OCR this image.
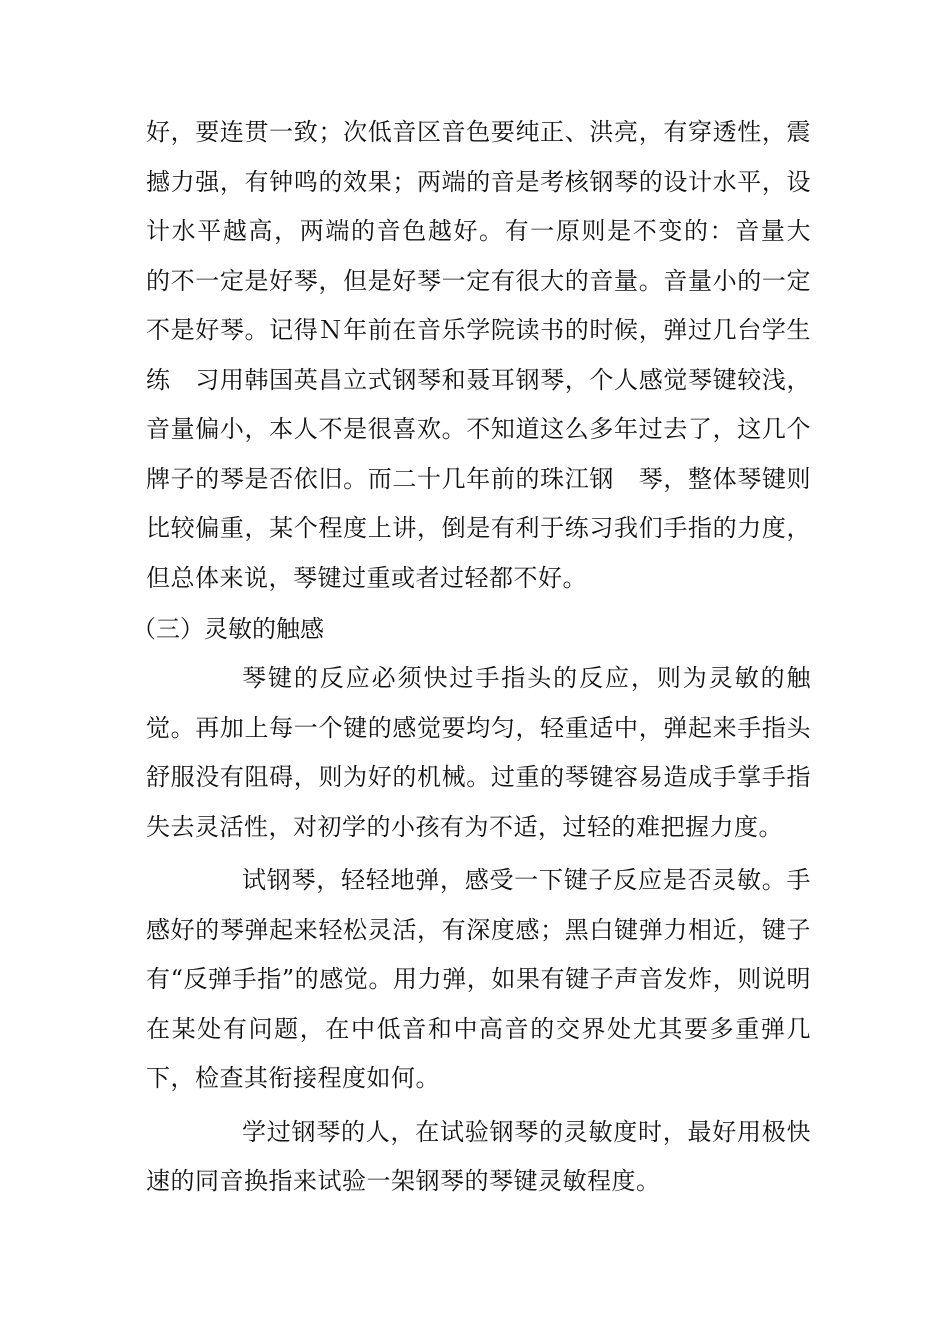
好，要连贯一致；次低音区音色要纯正、洪亮，有穿透性，震撼力强，有钟鸣的效果；两端的音是考核钢琴的设计水平，设计水平越高，两端的音色越好。有一原则是不变的：音量大　的不一定是好琴，但是好琴一定有很大的音量。音量小的一定不是好琴。记得Ｎ年前在音乐学院读书的时候，弹过几台学生练　习用韩国英昌立式钢琴和聂耳钢琴，个人感觉琴键较浅，音量偏小，本人不是很喜欢。不知道这么多年过去了，这几个牌子的琴是否依旧。而二十几年前的珠江钢　琴，整体琴键则比较偏重，某个程度上讲，倒是有利于练习我们手指的力度，但总体来说，琴键过重或者过轻都不好。

（三）灵敏的触感

琴键的反应必须快过手指头的反应，则为灵敏的触觉。再加上每一个键的感觉要均匀，轻重适中，弹起来手指头舒服没有阻碍，则为好的机械。过重的琴键容易造成手掌手指失去灵活性，对初学的小孩有为不适，过轻的难把握力度。

试钢琴，轻轻地弹，感受一下键子反应是否灵敏。手感好的琴弹起来轻松灵活，有深度感；黑白键弹力相近，键子有“反弹手指”的感觉。用力弹，如果有键子声音发炸，则说明在某处有问题，在中低音和中高音的交界处尤其要多重弹几下，检查其衔接程度如何。

学过钢琴的人，在试验钢琴的灵敏度时，最好用极快速的同音换指来试验一架钢琴的琴键灵敏程度。
